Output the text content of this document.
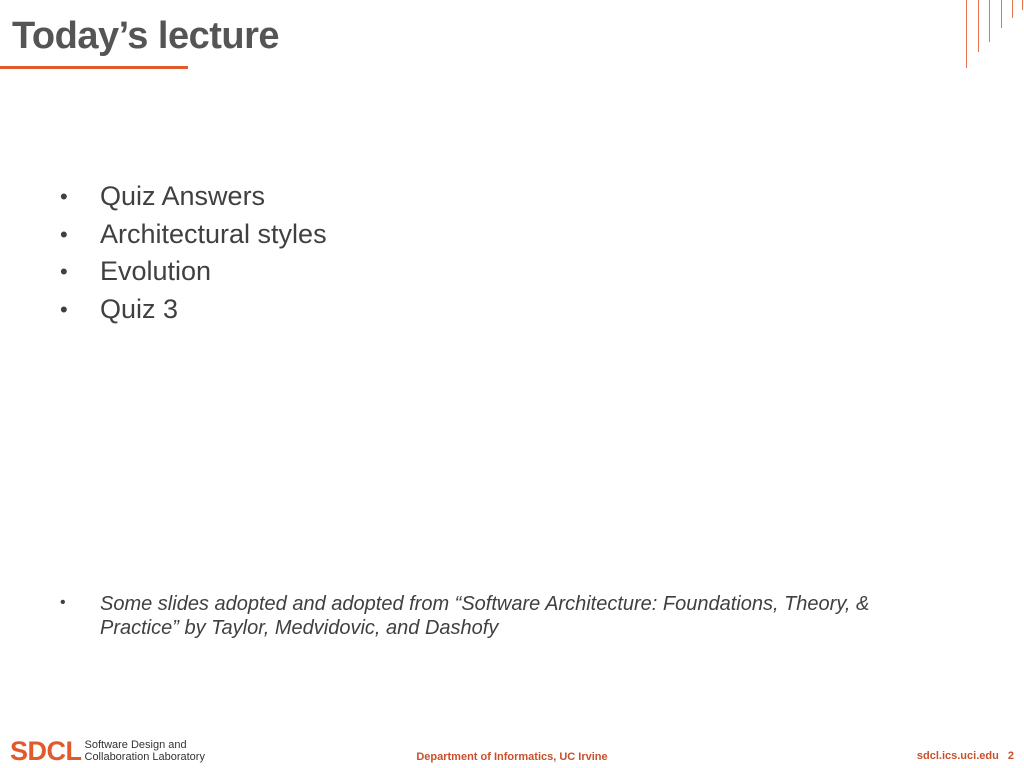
Today’s lecture
•	Quiz Answers
•	Architectural styles
•	Evolution
•	Quiz 3
•	Some slides adopted and adopted from “Software Architecture: Foundations, Theory, &
Practice” by Taylor, Medvidovic, and Dashofy
SDCL Software Design and
Collaboration Laboratory	Department of Informatics, UC Irvine	sdcl.ics.uci.edu 2
